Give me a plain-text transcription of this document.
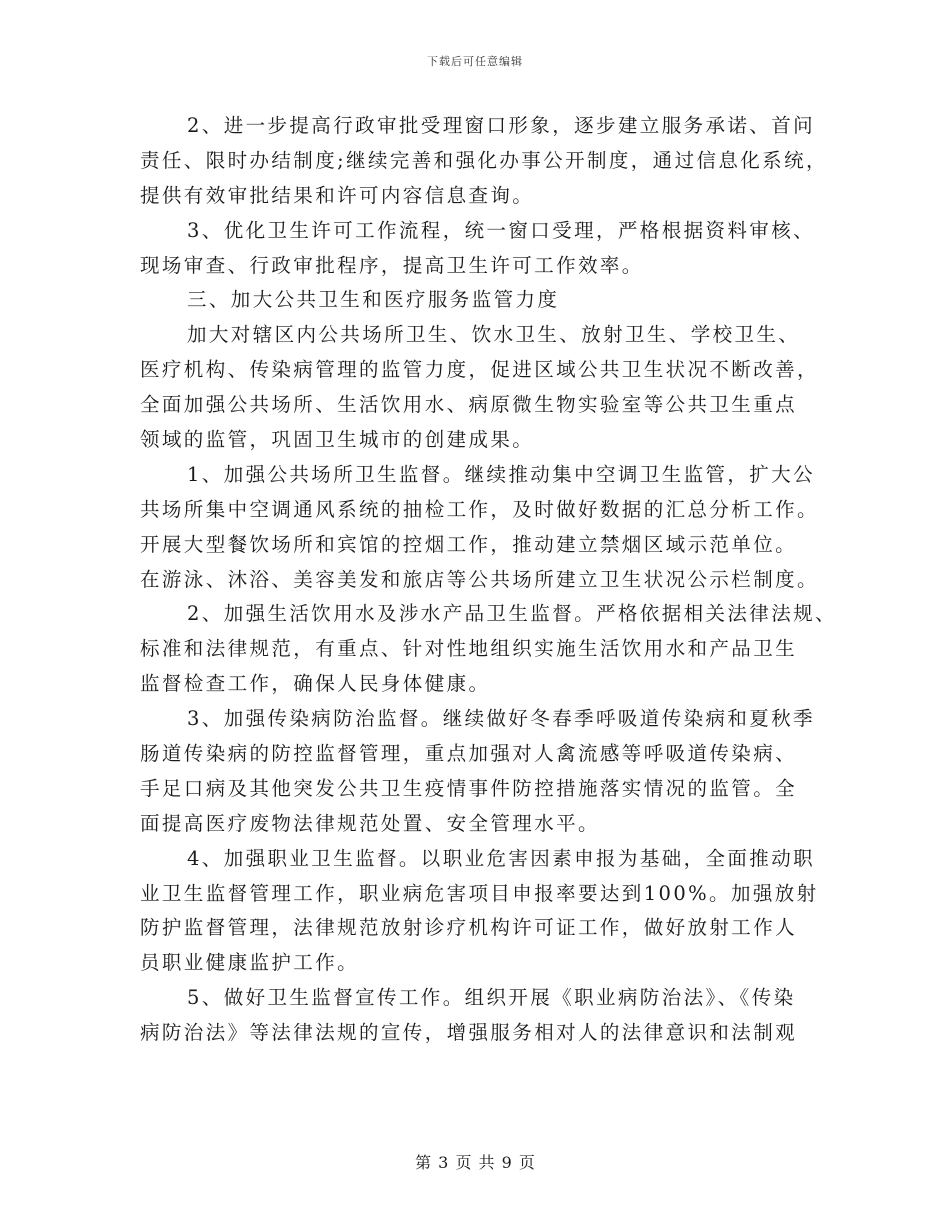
下载后可任意编辑
2、进一步提高行政审批受理窗口形象，逐步建立服务承诺、首问
责任、限时办结制度;继续完善和强化办事公开制度，通过信息化系统，
提供有效审批结果和许可内容信息查询。
3、优化卫生许可工作流程，统一窗口受理，严格根据资料审核、
现场审查、行政审批程序，提高卫生许可工作效率。
三、加大公共卫生和医疗服务监管力度
加大对辖区内公共场所卫生、饮水卫生、放射卫生、学校卫生、
医疗机构、传染病管理的监管力度，促进区域公共卫生状况不断改善，
全面加强公共场所、生活饮用水、病原微生物实验室等公共卫生重点
领域的监管，巩固卫生城市的创建成果。
1、加强公共场所卫生监督。继续推动集中空调卫生监管，扩大公
共场所集中空调通风系统的抽检工作，及时做好数据的汇总分析工作。
开展大型餐饮场所和宾馆的控烟工作，推动建立禁烟区域示范单位。
在游泳、沐浴、美容美发和旅店等公共场所建立卫生状况公示栏制度。
2、加强生活饮用水及涉水产品卫生监督。严格依据相关法律法规、
标准和法律规范，有重点、针对性地组织实施生活饮用水和产品卫生
监督检查工作，确保人民身体健康。
3、加强传染病防治监督。继续做好冬春季呼吸道传染病和夏秋季
肠道传染病的防控监督管理，重点加强对人禽流感等呼吸道传染病、
手足口病及其他突发公共卫生疫情事件防控措施落实情况的监管。全
面提高医疗废物法律规范处置、安全管理水平。
4、加强职业卫生监督。以职业危害因素申报为基础，全面推动职
业卫生监督管理工作，职业病危害项目申报率要达到100%。加强放射
防护监督管理，法律规范放射诊疗机构许可证工作，做好放射工作人
员职业健康监护工作。
5、做好卫生监督宣传工作。组织开展《职业病防治法》、《传染
病防治法》等法律法规的宣传，增强服务相对人的法律意识和法制观
第 3 页 共 9 页
